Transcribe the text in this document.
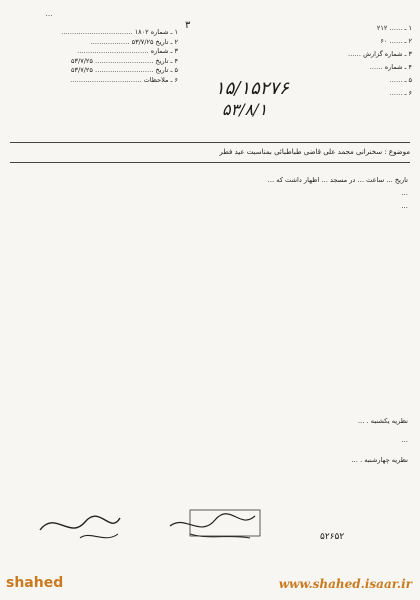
…
۱ ـ شماره ۱۸۰۲ ……………………………
۲ ـ تاریخ ۵۳/۷/۲۵ ………………
۳ ـ شماره ……………………………
۴ ـ تاریخ ……………………… ۵۳/۷/۲۵
۵ ـ تاریخ ……………………… ۵۳/۷/۲۵
۶ ـ ملاحظات ……………………………
۱ ـ …… ۲۱۲
۲ ـ …… ۶۰
۳ ـ شماره گزارش ……
۴ ـ شماره ……
۵ ـ ……
۶ ـ ……
۳
۱۵/۱۵۲۷۶
۵۳/۸/۱
موضوع : سخنرانی محمد علی قاضی طباطبائی بمناسبت عید فطر

تاریخ … ساعت … در مسجد … اظهار داشت که …

…

…

نظریه یکشنبه . …

…

نظریه چهارشنبه . …

۵۲۶۵۲
shahed	www.shahed.isaar.ir
